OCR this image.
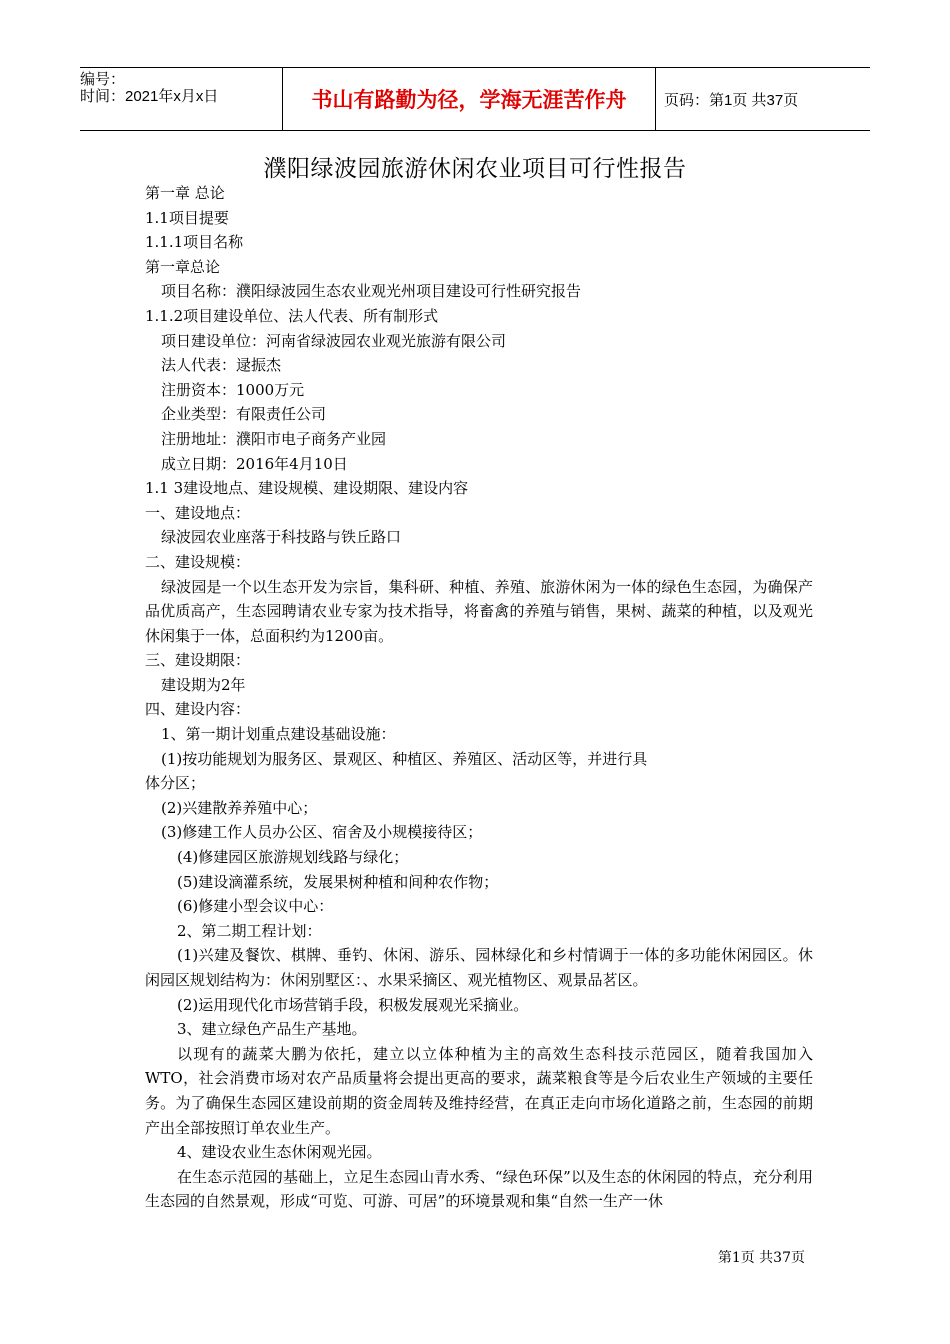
编号：
时间：2021年x月x日	书山有路勤为径，学海无涯苦作舟	页码：第1页 共37页
濮阳绿波园旅游休闲农业项目可行性报告

第一章 总论

1.1项目提要

1.1.1项目名称

第一章总论

项目名称：濮阳绿波园生态农业观光州项目建设可行性研究报告

1.1.2项目建设单位、法人代表、所有制形式

项日建设单位：河南省绿波园农业观光旅游有限公司

法人代表：逯振杰

注册资本：1000万元

企业类型：有限责任公司

注册地址：濮阳市电子商务产业园

成立日期：2016年4月10日

1.1 3建设地点、建设规模、建设期限、建设内容

一、建设地点：

绿波园农业座落于科技路与铁丘路口

二、建设规模：

绿波园是一个以生态开发为宗旨，集科研、种植、养殖、旅游休闲为一体的绿色生态园，为确保产品优质高产，生态园聘请农业专家为技术指导，将畜禽的养殖与销售，果树、蔬菜的种植，以及观光休闲集于一体，总面积约为1200亩。

三、建设期限：

建设期为2年

四、建设内容：

1、第一期计划重点建设基础设施：

(1)按功能规划为服务区、景观区、种植区、养殖区、活动区等，并进行具

体分区；

(2)兴建散养养殖中心；

(3)修建工作人员办公区、宿舍及小规模接待区；

(4)修建园区旅游规划线路与绿化；

(5)建设滴灌系统，发展果树种植和间种农作物；

(6)修建小型会议中心：

2、第二期工程计划：

(1)兴建及餐饮、棋牌、垂钓、休闲、游乐、园林绿化和乡村情调于一体的多功能休闲园区。休闲园区规划结构为：休闲别墅区：、水果采摘区、观光植物区、观景品茗区。

(2)运用现代化市场营销手段，积极发展观光采摘业。

3、建立绿色产品生产基地。

以现有的蔬菜大鹏为依托，建立以立体种植为主的高效生态科技示范园区，随着我国加入WTO，社会消费市场对农产品质量将会提出更高的要求，蔬菜粮食等是今后农业生产领域的主要任务。为了确保生态园区建设前期的资金周转及维持经营，在真正走向市场化道路之前，生态园的前期产出全部按照订单农业生产。

4、建设农业生态休闲观光园。

在生态示范园的基础上，立足生态园山青水秀、“绿色环保”以及生态的休闲园的特点，充分利用生态园的自然景观，形成“可览、可游、可居”的环境景观和集“自然一生产一休

第1页 共37页
